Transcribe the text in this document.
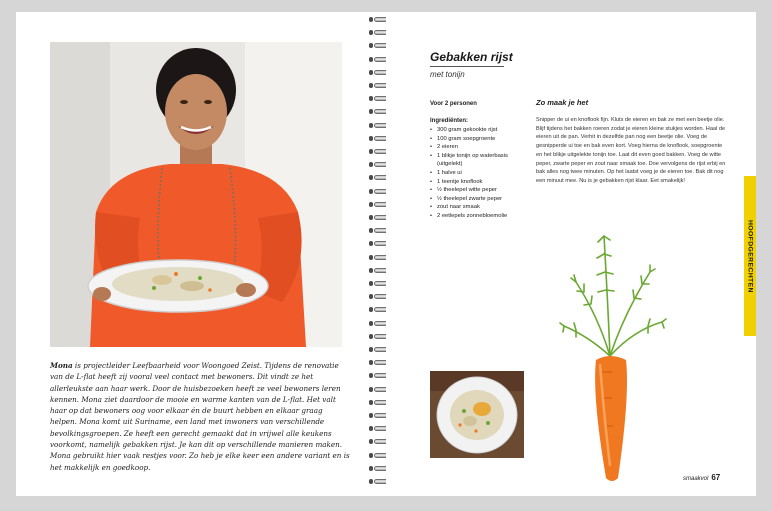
Mona is projectleider Leefbaarheid voor Woongoed Zeist. Tijdens de renovatie van de L-flat heeft zij vooral veel contact met bewoners. Dit vindt ze het allerleukste aan haar werk. Door de huisbezoeken heeft ze veel bewoners leren kennen. Mona ziet daardoor de mooie en warme kanten van de L-flat. Het valt haar op dat bewoners oog voor elkaar én de buurt hebben en elkaar graag helpen. Mona komt uit Suriname, een land met inwoners van verschillende bevolkingsgroepen. Ze heeft een gerecht gemaakt dat in vrijwel alle keukens voorkomt, namelijk gebakken rijst. Je kan dit op verschillende manieren maken. Mona gebruikt hier vaak restjes voor. Zo heb je elke keer een andere variant en is het makkelijk en goedkoop.

Gebakken rijst
met tonijn
Voor 2 personen
Ingrediënten:
• 300 gram gekookte rijst
• 100 gram soepgroente
• 2 eieren
• 1 blikje tonijn op waterbasis (uitgelekt)
• 1 halve ui
• 1 teentje knoflook
• ½ theelepel witte peper
• ½ theelepel zwarte peper
• zout naar smaak
• 2 eetlepels zonnebloemolie
Zo maak je het

Snipper de ui en knoflook fijn. Kluts de eieren en bak ze met een beetje olie. Blijf tijdens het bakken roeren zodat je eieren kleine stukjes worden. Haal de eieren uit de pan. Verhit in dezelfde pan nog een beetje olie. Voeg de gesnipperde ui toe en bak even kort. Voeg hierna de knoflook, soepgroente en het blikje uitgelekte tonijn toe. Laat dit even goed bakken. Voeg de witte peper, zwarte peper en zout naar smaak toe. Doe vervolgens de rijst erbij en bak alles nog twee minuten. Op het laatst voeg je de eieren toe. Bak dit nog een minuut mee. Nu is je gebakken rijst klaar. Eet smakelijk!

HOOFDGERECHTEN
smaakvol 67
